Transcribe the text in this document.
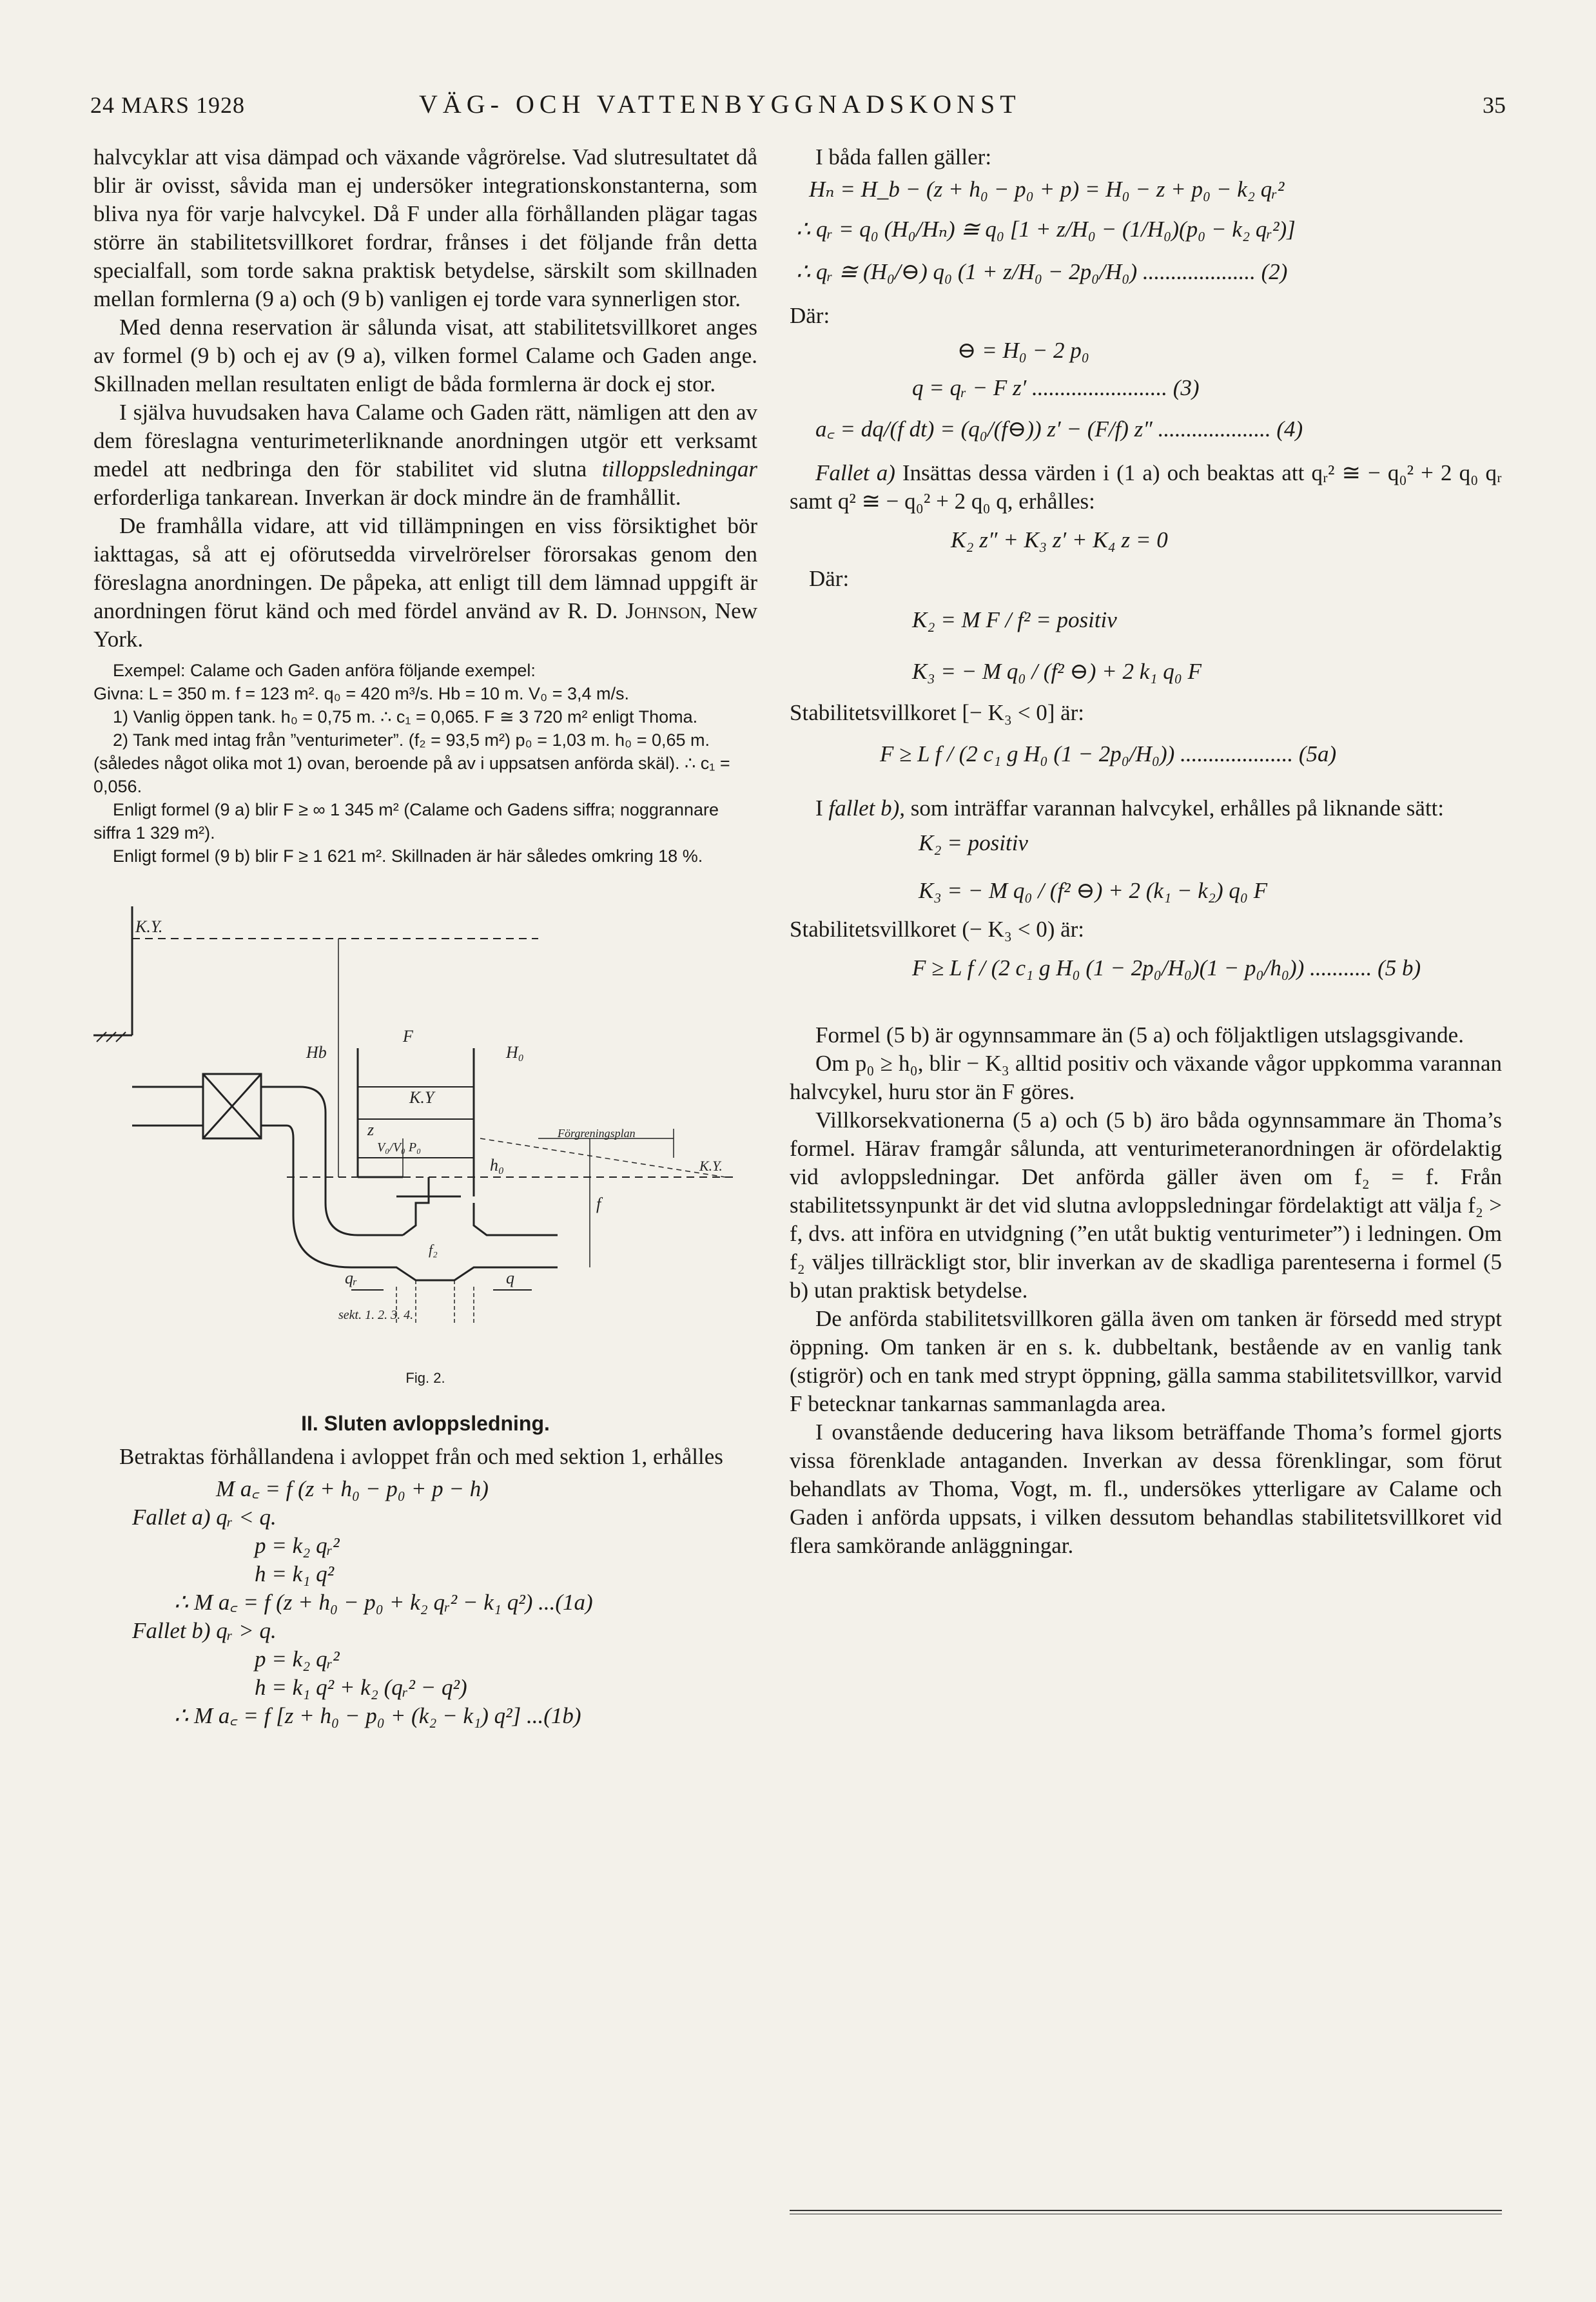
24 MARS 1928	VÄG- OCH VATTENBYGGNADSKONST	35

halvcyklar att visa dämpad och växande vågrörelse. Vad slutresultatet då blir är ovisst, såvida man ej undersöker integrationskonstanterna, som bliva nya för varje halvcykel. Då F under alla förhållanden plägar tagas större än stabilitetsvillkoret fordrar, frånses i det följande från detta specialfall, som torde sakna praktisk betydelse, särskilt som skillnaden mellan formlerna (9 a) och (9 b) vanligen ej torde vara synnerligen stor.

Med denna reservation är sålunda visat, att stabilitetsvillkoret anges av formel (9 b) och ej av (9 a), vilken formel Calame och Gaden ange. Skillnaden mellan resultaten enligt de båda formlerna är dock ej stor.

I själva huvudsaken hava Calame och Gaden rätt, nämligen att den av dem föreslagna venturimeterliknande anordningen utgör ett verksamt medel att nedbringa den för stabilitet vid slutna tilloppsledningar erforderliga tankarean. Inverkan är dock mindre än de framhållit.

De framhålla vidare, att vid tillämpningen en viss försiktighet bör iakttagas, så att ej oförutsedda virvelrörelser förorsakas genom den föreslagna anordningen. De påpeka, att enligt till dem lämnad uppgift är anordningen förut känd och med fördel använd av R. D. Johnson, New York.

Exempel: Calame och Gaden anföra följande exempel:

Givna: L = 350 m. f = 123 m². q₀ = 420 m³/s. Hb = 10 m. V₀ = 3,4 m/s.

1) Vanlig öppen tank. h₀ = 0,75 m. ∴ c₁ = 0,065. F ≅ 3 720 m² enligt Thoma.

2) Tank med intag från ”venturimeter”. (f₂ = 93,5 m²) p₀ = 1,03 m. h₀ = 0,65 m. (således något olika mot 1) ovan, beroende på av i uppsatsen anförda skäl). ∴ c₁ = 0,056.

Enligt formel (9 a) blir F ≥ ∞ 1 345 m² (Calame och Gadens siffra; noggrannare siffra 1 329 m²).

Enligt formel (9 b) blir F ≥ 1 621 m². Skillnaden är här således omkring 18 %.

K.Y.
Hb	H₀
F
K.Y
z
V₀/V₀ P₀
h₀
Förgreningsplan
K.Y.
f
f₂
qᵣ	q
sekt. 1. 2. 3. 4.
Fig. 2.

II. Sluten avloppsledning.

Betraktas förhållandena i avloppet från och med sektion 1, erhålles

M a꜀ = f (z + h₀ − p₀ + p − h)
Fallet a) qᵣ < q.
p = k₂ qᵣ²
h = k₁ q²
∴ M a꜀ = f (z + h₀ − p₀ + k₂ qᵣ² − k₁ q²) ...(1a)
Fallet b) qᵣ > q.
p = k₂ qᵣ²
h = k₁ q² + k₂ (qᵣ² − q²)
∴ M a꜀ = f [z + h₀ − p₀ + (k₂ − k₁) q²] ...(1b)

I båda fallen gäller:

Hₙ = H_b − (z + h₀ − p₀ + p) = H₀ − z + p₀ − k₂ qᵣ²
∴ qᵣ = q₀ (H₀/Hₙ) ≅ q₀ [1 + z/H₀ − (1/H₀)(p₀ − k₂ qᵣ²)]
∴ qᵣ ≅ (H₀/⊖) q₀ (1 + z/H₀ − 2p₀/H₀) .................... (2)

Där:

⊖ = H₀ − 2 p₀
q = qᵣ − F z′ ........................ (3)
a꜀ = dq/(f dt) = (q₀/(f⊖)) z′ − (F/f) z″ .................... (4)

Fallet a) Insättas dessa värden i (1 a) och beaktas att qᵣ² ≅ − q₀² + 2 q₀ qᵣ samt q² ≅ − q₀² + 2 q₀ q, erhålles:

K₂ z″ + K₃ z′ + K₄ z = 0

Där:

K₂ = M F / f² = positiv
K₃ = − M q₀ / (f² ⊖) + 2 k₁ q₀ F

Stabilitetsvillkoret [− K₃ < 0] är:

F ≥ L f / (2 c₁ g H₀ (1 − 2p₀/H₀)) .................... (5a)

I fallet b), som inträffar varannan halvcykel, erhålles på liknande sätt:

K₂ = positiv
K₃ = − M q₀ / (f² ⊖) + 2 (k₁ − k₂) q₀ F

Stabilitetsvillkoret (− K₃ < 0) är:

F ≥ L f / (2 c₁ g H₀ (1 − 2p₀/H₀)(1 − p₀/h₀)) ........... (5 b)

Formel (5 b) är ogynnsammare än (5 a) och följaktligen utslagsgivande.

Om p₀ ≥ h₀, blir − K₃ alltid positiv och växande vågor uppkomma varannan halvcykel, huru stor än F göres.

Villkorsekvationerna (5 a) och (5 b) äro båda ogynnsammare än Thoma’s formel. Härav framgår sålunda, att venturimeteranordningen är ofördelaktig vid avloppsledningar. Det anförda gäller även om f₂ = f. Från stabilitetssynpunkt är det vid slutna avloppsledningar fördelaktigt att välja f₂ > f, dvs. att införa en utvidgning (”en utåt buktig venturimeter”) i ledningen. Om f₂ väljes tillräckligt stor, blir inverkan av de skadliga parenteserna i formel (5 b) utan praktisk betydelse.

De anförda stabilitetsvillkoren gälla även om tanken är försedd med strypt öppning. Om tanken är en s. k. dubbeltank, bestående av en vanlig tank (stigrör) och en tank med strypt öppning, gälla samma stabilitetsvillkor, varvid F betecknar tankarnas sammanlagda area.

I ovanstående deducering hava liksom beträffande Thoma’s formel gjorts vissa förenklade antaganden. Inverkan av dessa förenklingar, som förut behandlats av Thoma, Vogt, m. fl., undersökes ytterligare av Calame och Gaden i anförda uppsats, i vilken dessutom behandlas stabilitetsvillkoret vid flera samkörande anläggningar.
